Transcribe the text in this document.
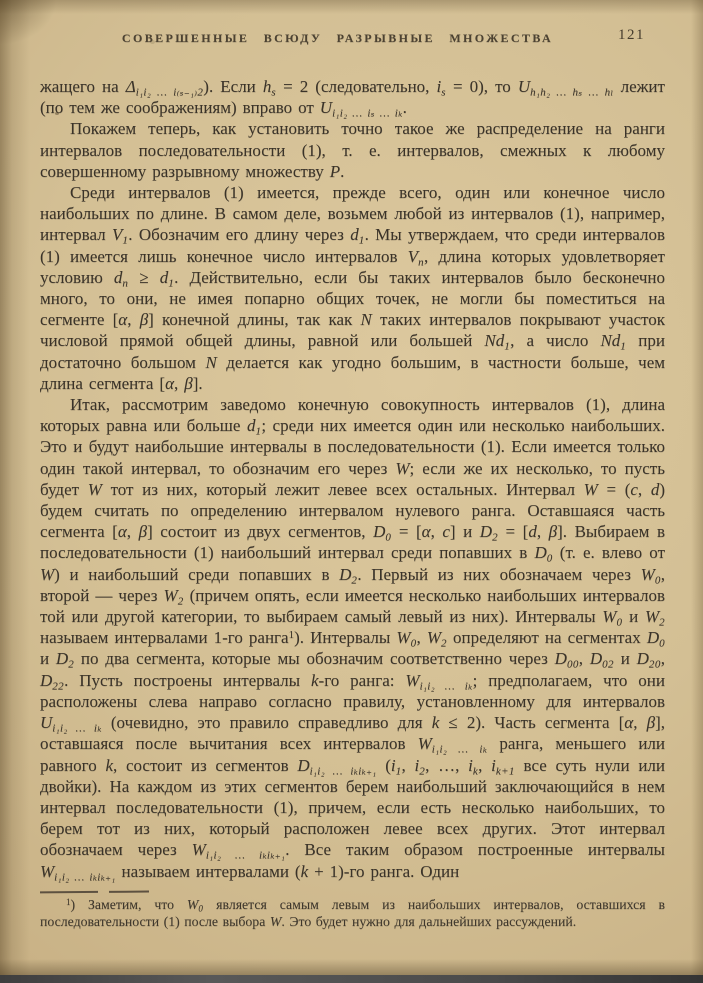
СОВЕРШЕННЫЕ ВСЮДУ РАЗРЫВНЫЕ МНОЖЕСТВА	121

жащего на $\Delta_{i_1i_2 \dots i_{(s-1)}2}$). Если $h_s = 2$ (следовательно, $i_s = 0$), то $U_{h_1h_2 \dots h_s \dots h_l}$ лежит (по тем же соображениям) вправо от $U_{i_1i_2 \dots i_s \dots i_k}$.

Покажем теперь, как установить точно такое же распределение на ранги интервалов последовательности (1), т. е. интервалов, смежных к любому совершенному разрывному множеству P.

Среди интервалов (1) имеется, прежде всего, один или конечное число наибольших по длине. В самом деле, возьмем любой из интервалов (1), например, интервал $V_1$. Обозначим его длину через $d_1$. Мы утверждаем, что среди интервалов (1) имеется лишь конечное число интервалов $V_n$, длина которых удовлетворяет условию $d_n \ge d_1$. Действительно, если бы таких интервалов было бесконечно много, то они, не имея попарно общих точек, не могли бы поместиться на сегменте [α, β] конечной длины, так как N таких интервалов покрывают участок числовой прямой общей длины, равной или большей $Nd_1$, а число $Nd_1$ при достаточно большом N делается как угодно большим, в частности больше, чем длина сегмента [α, β].

Итак, рассмотрим заведомо конечную совокупность интервалов (1), длина которых равна или больше $d_1$; среди них имеется один или несколько наибольших. Это и будут наибольшие интервалы в последовательности (1). Если имеется только один такой интервал, то обозначим его через W; если же их несколько, то пусть будет W тот из них, который лежит левее всех остальных. Интервал W = (c, d) будем считать по определению интервалом нулевого ранга. Оставшаяся часть сегмента [α, β] состоит из двух сегментов, $D_0 = [\alpha$, c] и $D_2 = [d$, β]. Выбираем в последовательности (1) наибольший интервал среди попавших в $D_0$ (т. е. влево от W) и наибольший среди попавших в $D_2$. Первый из них обозначаем через $W_0$, второй — через $W_2$ (причем опять, если имеется несколько наибольших интервалов той или другой категории, то выбираем самый левый из них). Интервалы $W_0$ и $W_2$ называем интервалами 1-го ранга$^1$). Интервалы $W_0$, $W_2$ определяют на сегментах $D_0$ и $D_2$ по два сегмента, которые мы обозначим соответственно через $D_{00}$, $D_{02}$ и $D_{20}$, $D_{22}$. Пусть построены интервалы k-го ранга: $W_{i_1i_2 \dots i_k}$; предполагаем, что они расположены слева направо согласно правилу, установленному для интервалов $U_{i_1i_2 \dots i_k}$ (очевидно, это правило справедливо для k ≤ 2). Часть сегмента [α, β], оставшаяся после вычитания всех интервалов $W_{i_1i_2 \dots i_k}$ ранга, меньшего или равного k, состоит из сегментов $D_{i_1i_2 \dots i_ki_{k+1}}$ ($i_1$, $i_2$, …, $i_k$, $i_{k+1}$ все суть нули или двойки). На каждом из этих сегментов берем наибольший заключающийся в нем интервал последовательности (1), причем, если есть несколько наибольших, то берем тот из них, который расположен левее всех других. Этот интервал обозначаем через $W_{i_1i_2 \dots i_ki_{k+1}}$. Все таким образом построенные интервалы $W_{i_1i_2 \dots i_ki_{k+1}}$ называем интервалами (k + 1)-го ранга. Один

$^1$) Заметим, что $W_0$ является самым левым из наибольших интервалов, оставшихся в последовательности (1) после выбора W. Это будет нужно для дальнейших рассуждений.
